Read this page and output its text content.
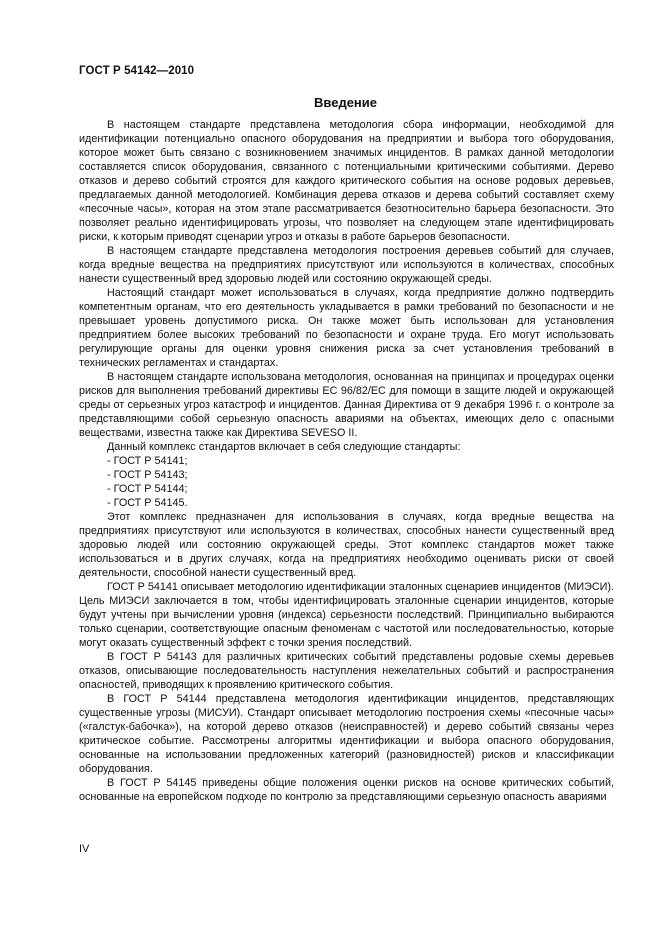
ГОСТ Р 54142—2010
Введение

В настоящем стандарте представлена методология сбора информации, необходимой для идентификации потенциально опасного оборудования на предприятии и выбора того оборудования, которое может быть связано с возникновением значимых инцидентов. В рамках данной методологии составляется список оборудования, связанного с потенциальными критическими событиями. Дерево отказов и дерево событий строятся для каждого критического события на основе родовых деревьев, предлагаемых данной методологией. Комбинация дерева отказов и дерева событий составляет схему «песочные часы», которая на этом этапе рассматривается безотносительно барьера безопасности. Это позволяет реально идентифицировать угрозы, что позволяет на следующем этапе идентифицировать риски, к которым приводят сценарии угроз и отказы в работе барьеров безопасности.

В настоящем стандарте представлена методология построения деревьев событий для случаев, когда вредные вещества на предприятиях присутствуют или используются в количествах, способных нанести существенный вред здоровью людей или состоянию окружающей среды.

Настоящий стандарт может использоваться в случаях, когда предприятие должно подтвердить компетентным органам, что его деятельность укладывается в рамки требований по безопасности и не превышает уровень допустимого риска. Он также может быть использован для установления предприятием более высоких требований по безопасности и охране труда. Его могут использовать регулирующие органы для оценки уровня снижения риска за счет установления требований в технических регламентах и стандартах.

В настоящем стандарте использована методология, основанная на принципах и процедурах оценки рисков для выполнения требований директивы ЕС 96/82/ЕС для помощи в защите людей и окружающей среды от серьезных угроз катастроф и инцидентов. Данная Директива от 9 декабря 1996 г. о контроле за представляющими собой серьезную опасность авариями на объектах, имеющих дело с опасными веществами, известна также как Директива SEVESO II.

Данный комплекс стандартов включает в себя следующие стандарты:

- ГОСТ Р 54141;
- ГОСТ Р 54143;
- ГОСТ Р 54144;
- ГОСТ Р 54145.

Этот комплекс предназначен для использования в случаях, когда вредные вещества на предприятиях присутствуют или используются в количествах, способных нанести существенный вред здоровью людей или состоянию окружающей среды. Этот комплекс стандартов может также использоваться и в других случаях, когда на предприятиях необходимо оценивать риски от своей деятельности, способной нанести существенный вред.

ГОСТ Р 54141 описывает методологию идентификации эталонных сценариев инцидентов (МИЭСИ). Цель МИЭСИ заключается в том, чтобы идентифицировать эталонные сценарии инцидентов, которые будут учтены при вычислении уровня (индекса) серьезности последствий. Принципиально выбираются только сценарии, соответствующие опасным феноменам с частотой или последовательностью, которые могут оказать существенный эффект с точки зрения последствий.

В ГОСТ Р 54143 для различных критических событий представлены родовые схемы деревьев отказов, описывающие последовательность наступления нежелательных событий и распространения опасностей, приводящих к проявлению критического события.

В ГОСТ Р 54144 представлена методология идентификации инцидентов, представляющих существенные угрозы (МИСУИ). Стандарт описывает методологию построения схемы «песочные часы» («галстук-бабочка»), на которой дерево отказов (неисправностей) и дерево событий связаны через критическое событие. Рассмотрены алгоритмы идентификации и выбора опасного оборудования, основанные на использовании предложенных категорий (разновидностей) рисков и классификации оборудования.

В ГОСТ Р 54145 приведены общие положения оценки рисков на основе критических событий, основанные на европейском подходе по контролю за представляющими серьезную опасность авариями

IV
